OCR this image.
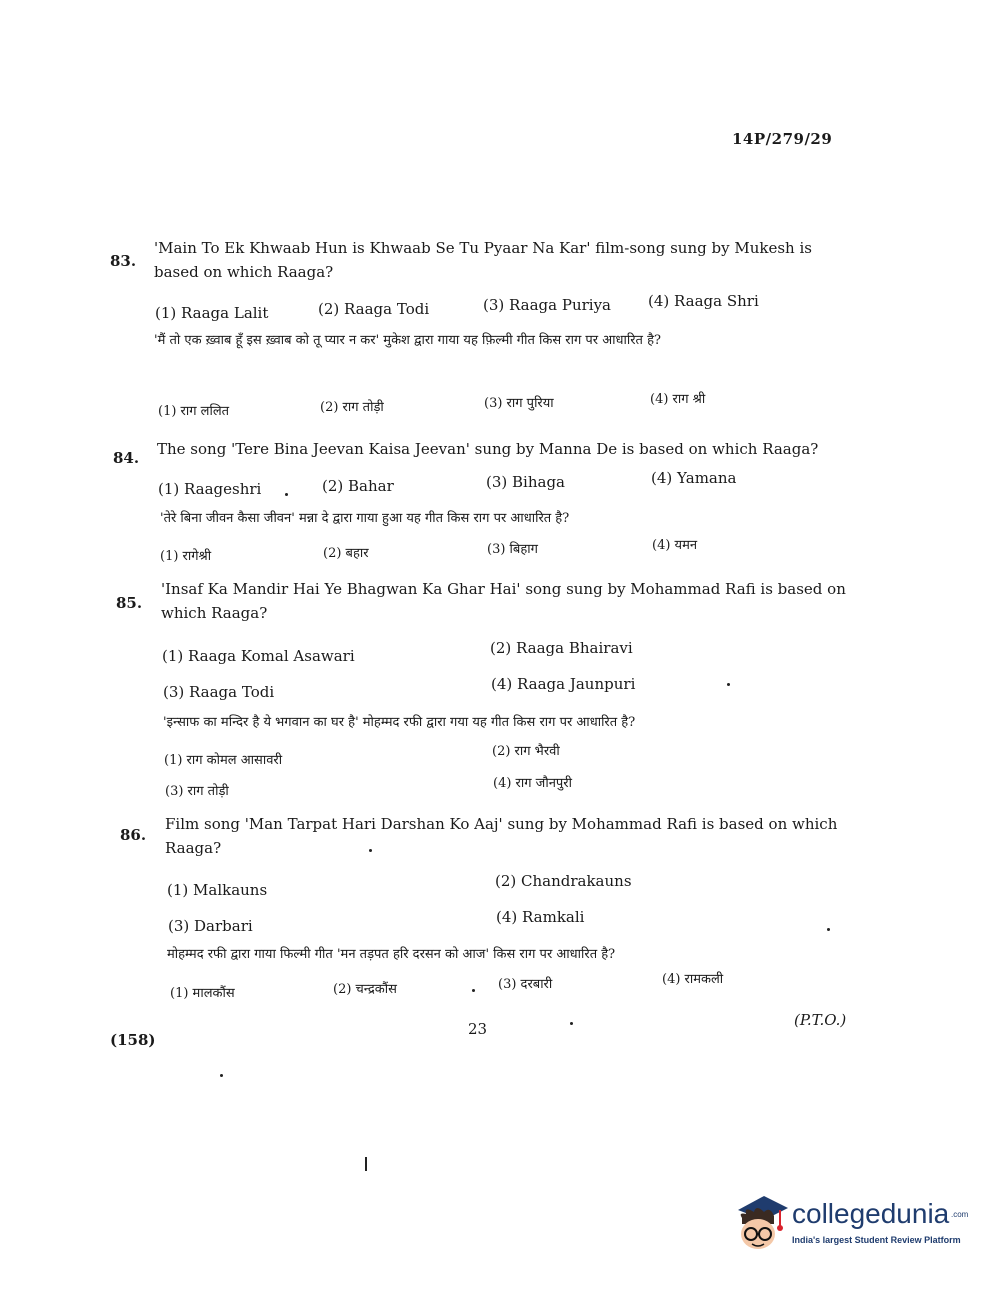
14P/279/29
83.
'Main To Ek Khwaab Hun is Khwaab Se Tu Pyaar Na Kar' film-song sung by Mukesh is based on which Raaga?
(1) Raaga Lalit	(2) Raaga Todi	(3) Raaga Puriya (4) Raaga Shri
'मैं तो एक ख़्वाब हूँ इस ख़्वाब को तू प्यार न कर' मुकेश द्वारा गाया यह फ़िल्मी गीत किस राग पर आधारित है?
(1) राग ललित	(2) राग तोड़ी	(3) राग पुरिया	(4) राग श्री
84. The song 'Tere Bina Jeevan Kaisa Jeevan' sung by Manna De is based on which Raaga?
(1) Raageshri	(2) Bahar	(3) Bihaga	(4) Yamana
'तेरे बिना जीवन कैसा जीवन' मन्ना दे द्वारा गाया हुआ यह गीत किस राग पर आधारित है?
(1) रागेश्री	(2) बहार	(3) बिहाग	(4) यमन
85.
'Insaf Ka Mandir Hai Ye Bhagwan Ka Ghar Hai' song sung by Mohammad Rafi is based on which Raaga?
(1) Raaga Komal Asawari	(2) Raaga Bhairavi
(3) Raaga Todi	(4) Raaga Jaunpuri
'इन्साफ का मन्दिर है ये भगवान का घर है' मोहम्मद रफी द्वारा गया यह गीत किस राग पर आधारित है?
(1) राग कोमल आसावरी
(2) राग भैरवी
(3) राग तोड़ी
(4) राग जौनपुरी
86.
Film song 'Man Tarpat Hari Darshan Ko Aaj' sung by Mohammad Rafi is based on which Raaga?
(1) Malkauns	(2) Chandrakauns
(3) Darbari	(4) Ramkali
मोहम्मद रफी द्वारा गाया फिल्मी गीत 'मन तड़पत हरि दरसन को आज' किस राग पर आधारित है?
(1) मालकौंस	(2) चन्द्रकौंस	(3) दरबारी	(4) रामकली
(158)
23	(P.T.O.)
collegedunia .com
India's largest Student Review Platform
